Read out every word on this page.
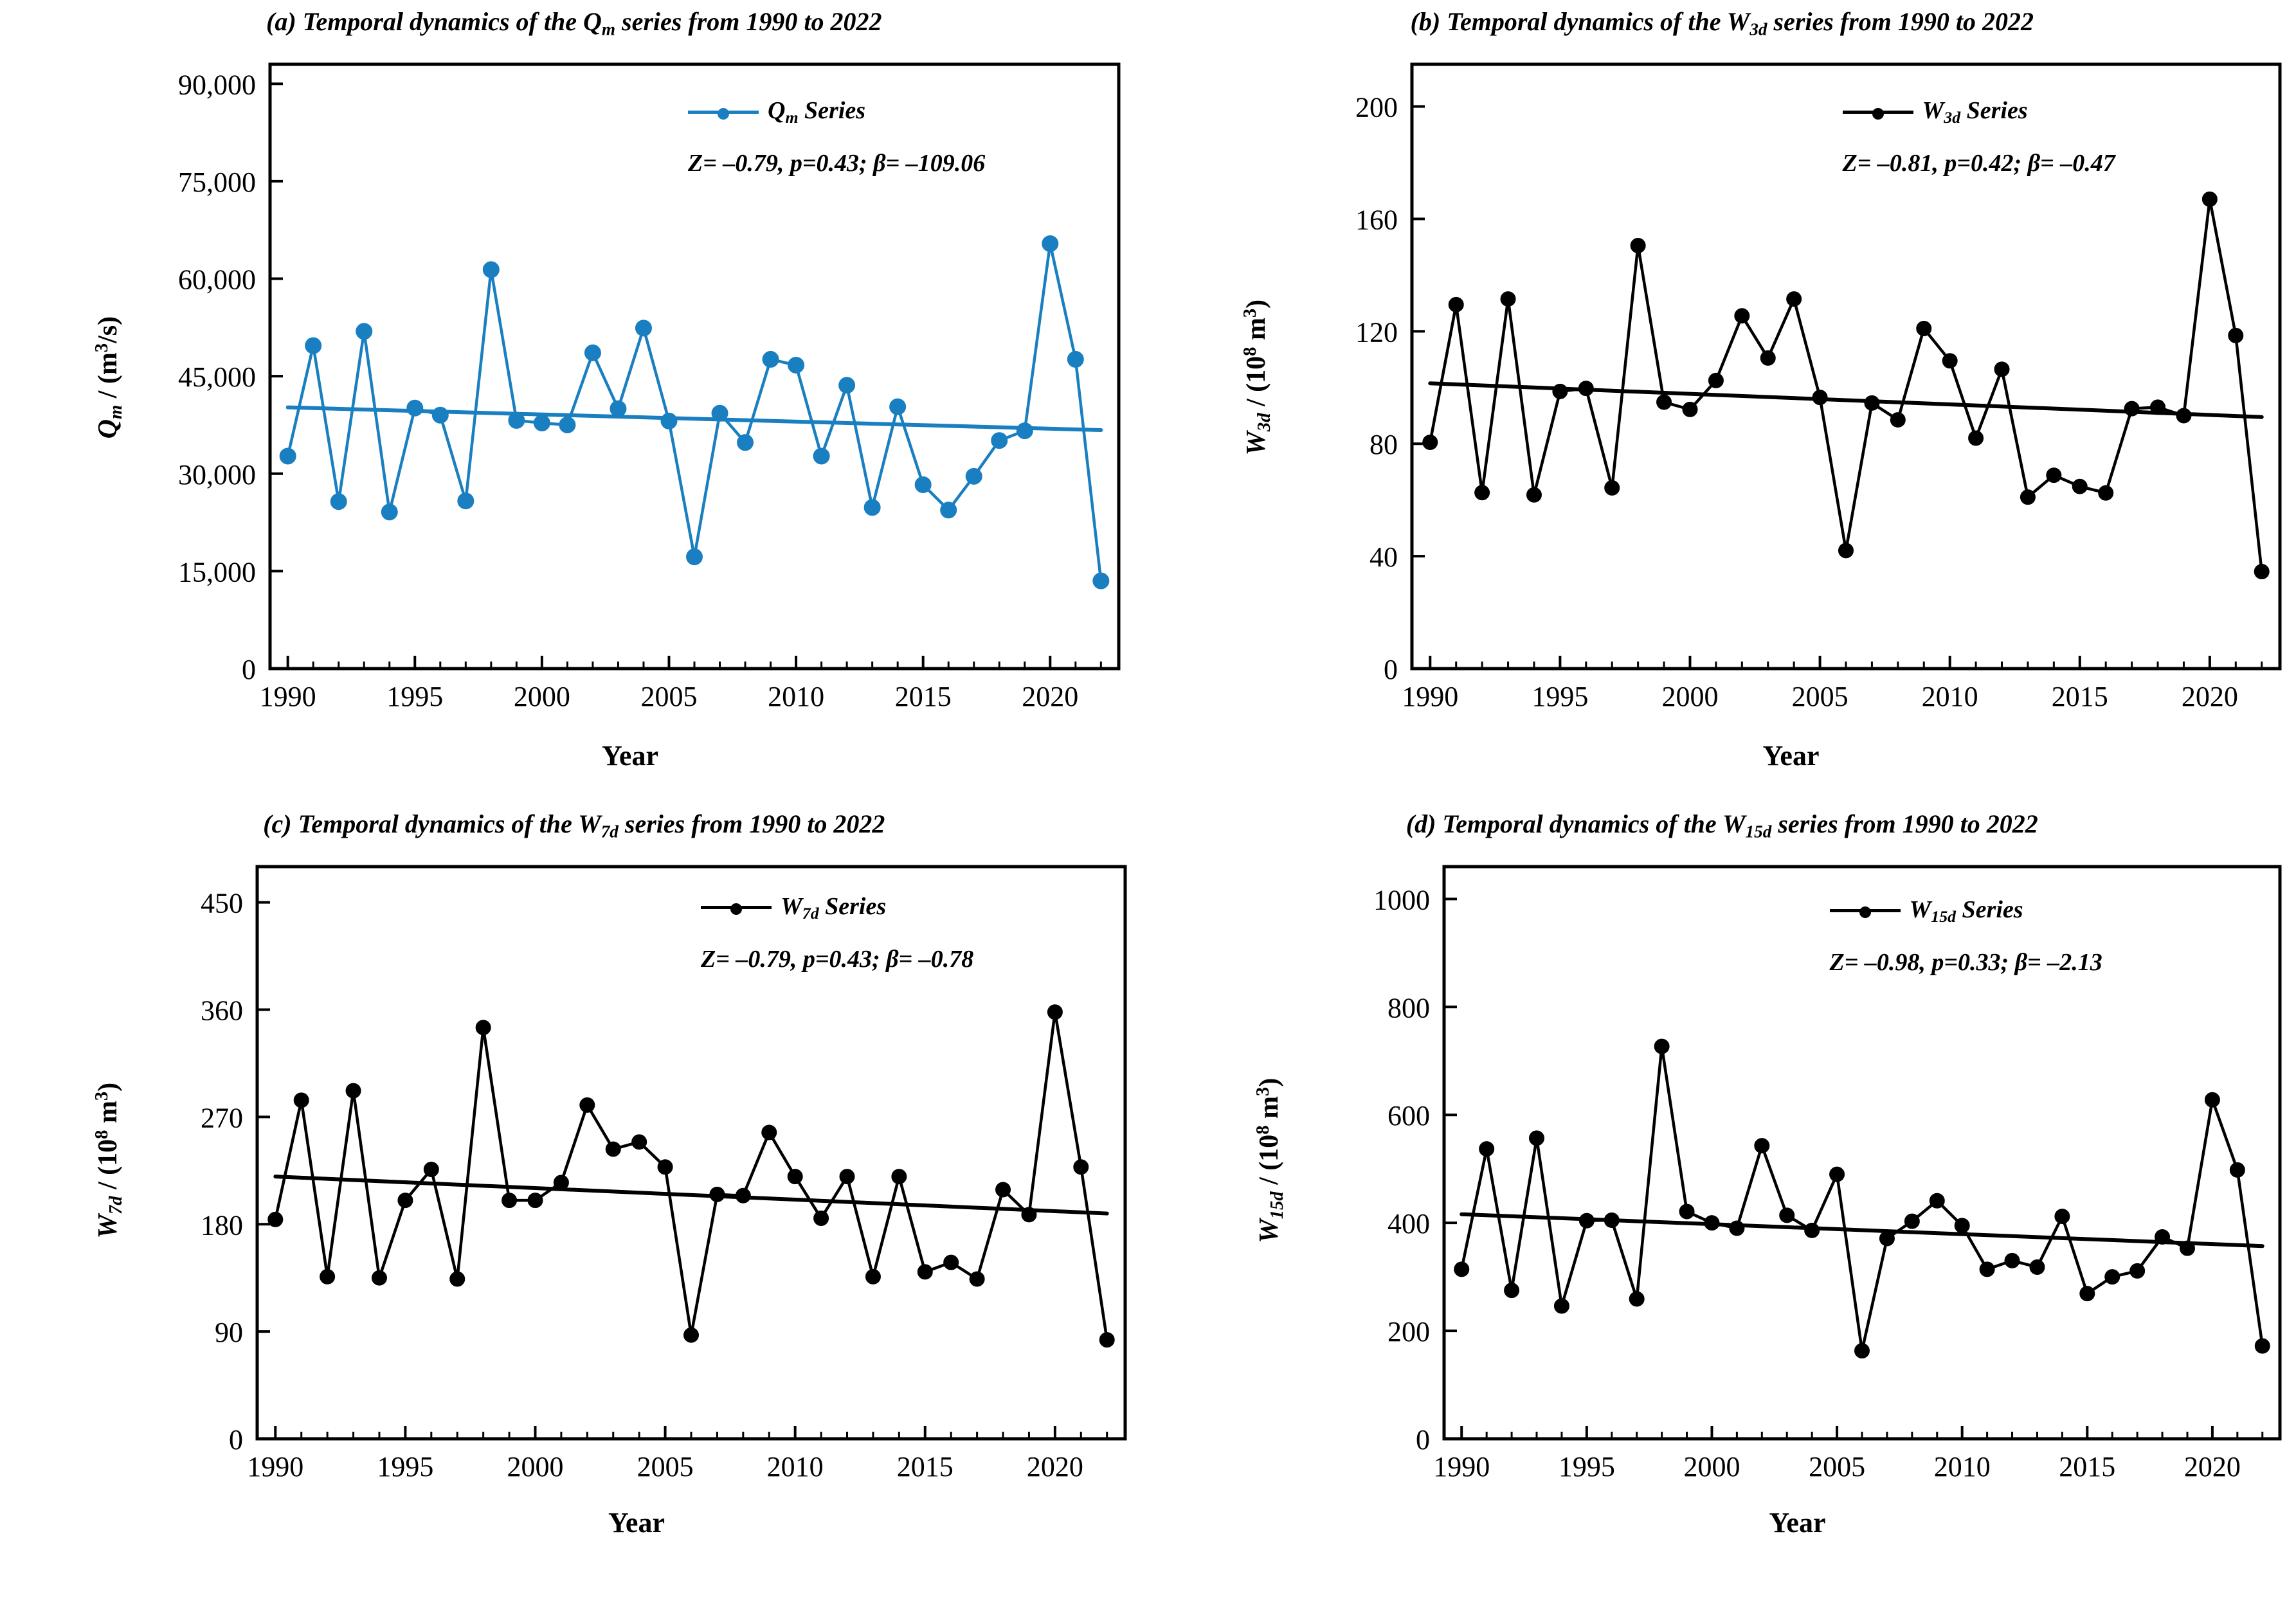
(a) Temporal dynamics of the $Q_m$ series from 1990 to 2022
1990 1995 2000 2005 2010 2015 2020
0
15,000
30,000
45,000
60,000
75,000
90,000
Year
$Q_m / (m^3/s)$
$Q_m$ Series
Z= –0.79, p=0.43; β= –109.06
(b) Temporal dynamics of the $W_{3d}$ series from 1990 to 2022
1990	1995	2000	2005	2010	2015	2020
0
40
80
120
160
200
Year
$W_{3d} / (10^8$ $m^3$)
$W_{3d}$ Series
Z= –0.81, p=0.42; β= –0.47
(c) Temporal dynamics of the $W_{7d}$ series from 1990 to 2022
1990	1995	2000	2005	2010	2015	2020
0
90
180
270
360
450
Year
$W_{7d} / (10^8$ $m^3$)
$W_{7d}$ Series
Z= –0.79, p=0.43; β= –0.78
(d) Temporal dynamics of the $W_{15d}$ series from 1990 to 2022
1990 1995 2000 2005 2010 2015 2020
0
200
400
600
800
1000
Year
$W_{15d} / (10^8$ $m^3$)
$W_{15d}$ Series
Z= –0.98, p=0.33; β= –2.13
